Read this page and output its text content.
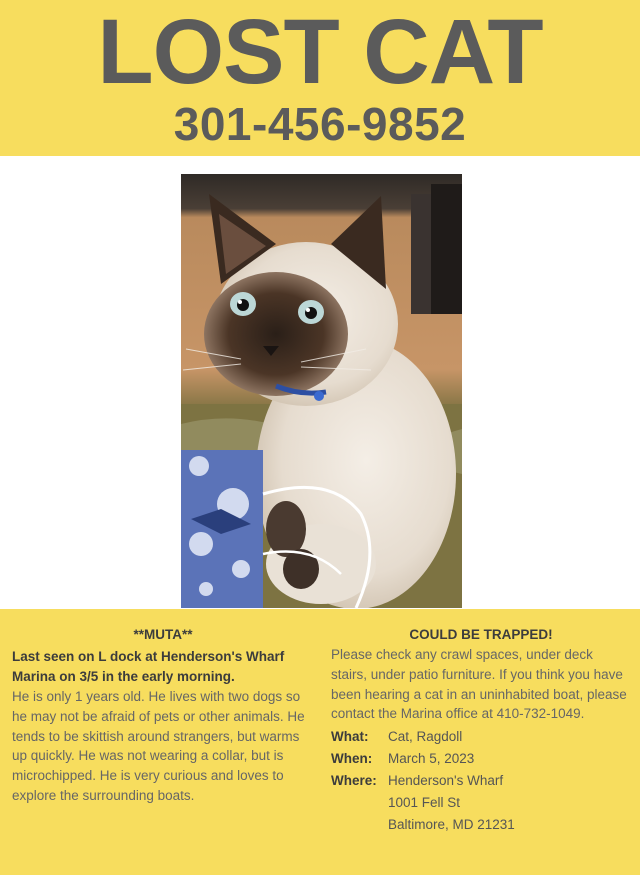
LOST CAT
301-456-9852
**MUTA**
Last seen on L dock at Henderson's Wharf Marina on 3/5 in the early morning.
He is only 1 years old. He lives with two dogs so he may not be afraid of pets or other animals. He tends to be skittish around strangers, but warms up quickly. He was not wearing a collar, but is microchipped. He is very curious and loves to explore the surrounding boats.
COULD BE TRAPPED!
Please check any crawl spaces, under deck stairs, under patio furniture. If you think you have been hearing a cat in an uninhabited boat, please contact the Marina office at 410-732-1049.
What:	Cat, Ragdoll
When:	March 5, 2023
Where: Henderson's Wharf
1001 Fell St
Baltimore, MD 21231
